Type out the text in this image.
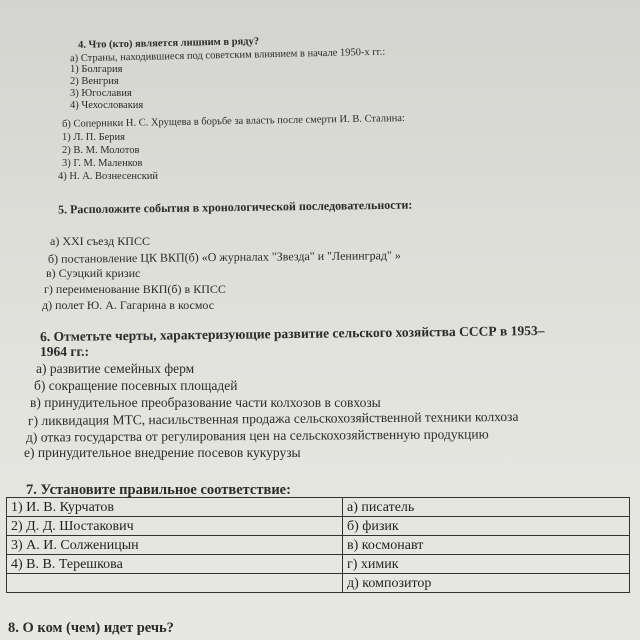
4. Что (кто) является лишним в ряду?
а) Страны, находившиеся под советским влиянием в начале 1950-х гг.:
1) Болгария
2) Венгрия
3) Югославия
4) Чехословакия
б) Соперники Н. С. Хрущева в борьбе за власть после смерти И. В. Сталина:
1) Л. П. Берия
2) В. М. Молотов
3) Г. М. Маленков
4) Н. А. Вознесенский
5. Расположите события в хронологической последовательности:
а) XXI съезд КПСС
б) постановление ЦК ВКП(б) «О журналах "Звезда" и "Ленинград" »
в) Суэцкий кризис
г) переименование ВКП(б) в КПСС
д) полет Ю. А. Гагарина в космос
6. Отметьте черты, характеризующие развитие сельского хозяйства СССР в 1953–
1964 гг.:
а) развитие семейных ферм
б) сокращение посевных площадей
в) принудительное преобразование части колхозов в совхозы
г) ликвидация МТС, насильственная продажа сельскохозяйственной техники колхоза
д) отказ государства от регулирования цен на сельскохозяйственную продукцию
е) принудительное внедрение посевов кукурузы
7. Установите правильное соответствие:
1) И. В. Курчатов	а) писатель
2) Д. Д. Шостакович	б) физик
3) А. И. Солженицын	в) космонавт
4) В. В. Терешкова	г) химик
	д) композитор
8. О ком (чем) идет речь?
